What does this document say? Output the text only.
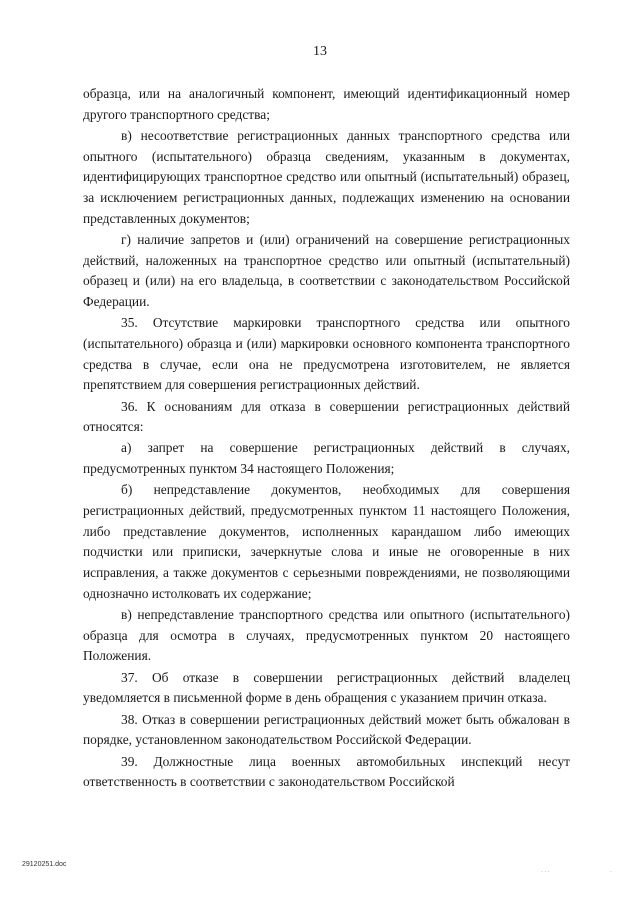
13

образца, или на аналогичный компонент, имеющий идентификационный номер другого транспортного средства;

в) несоответствие регистрационных данных транспортного средства или опытного (испытательного) образца сведениям, указанным в документах, идентифицирующих транспортное средство или опытный (испытательный) образец, за исключением регистрационных данных, подлежащих изменению на основании представленных документов;

г) наличие запретов и (или) ограничений на совершение регистрационных действий, наложенных на транспортное средство или опытный (испытательный) образец и (или) на его владельца, в соответствии с законодательством Российской Федерации.

35. Отсутствие маркировки транспортного средства или опытного (испытательного) образца и (или) маркировки основного компонента транспортного средства в случае, если она не предусмотрена изготовителем, не является препятствием для совершения регистрационных действий.

36. К основаниям для отказа в совершении регистрационных действий относятся:

а) запрет на совершение регистрационных действий в случаях, предусмотренных пунктом 34 настоящего Положения;

б) непредставление документов, необходимых для совершения регистрационных действий, предусмотренных пунктом 11 настоящего Положения, либо представление документов, исполненных карандашом либо имеющих подчистки или приписки, зачеркнутые слова и иные не оговоренные в них исправления, а также документов с серьезными повреждениями, не позволяющими однозначно истолковать их содержание;

в) непредставление транспортного средства или опытного (испытательного) образца для осмотра в случаях, предусмотренных пунктом 20 настоящего Положения.

37. Об отказе в совершении регистрационных действий владелец уведомляется в письменной форме в день обращения с указанием причин отказа.

38. Отказ в совершении регистрационных действий может быть обжалован в порядке, установленном законодательством Российской Федерации.

39. Должностные лица военных автомобильных инспекций несут ответственность в соответствии с законодательством Российской

29120251.doc
. . .	.
